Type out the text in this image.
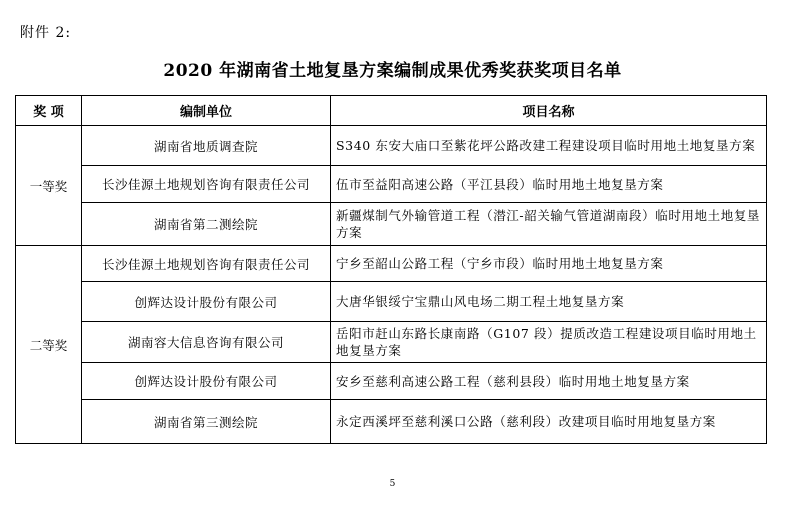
附件 2:
2020 年湖南省土地复垦方案编制成果优秀奖获奖项目名单
奖 项	编制单位	项目名称
一等奖	湖南省地质调查院	S340 东安大庙口至紫花坪公路改建工程建设项目临时用地土地复垦方案
	长沙佳源土地规划咨询有限责任公司	伍市至益阳高速公路（平江县段）临时用地土地复垦方案
	湖南省第二测绘院	新疆煤制气外输管道工程（潜江-韶关输气管道湖南段）临时用地土地复垦方案
二等奖	长沙佳源土地规划咨询有限责任公司	宁乡至韶山公路工程（宁乡市段）临时用地土地复垦方案
	创辉达设计股份有限公司	大唐华银绥宁宝鼎山风电场二期工程土地复垦方案
	湖南容大信息咨询有限公司	岳阳市赶山东路长康南路（G107 段）提质改造工程建设项目临时用地土地复垦方案
	创辉达设计股份有限公司	安乡至慈利高速公路工程（慈利县段）临时用地土地复垦方案
	湖南省第三测绘院	永定西溪坪至慈利溪口公路（慈利段）改建项目临时用地复垦方案
5
